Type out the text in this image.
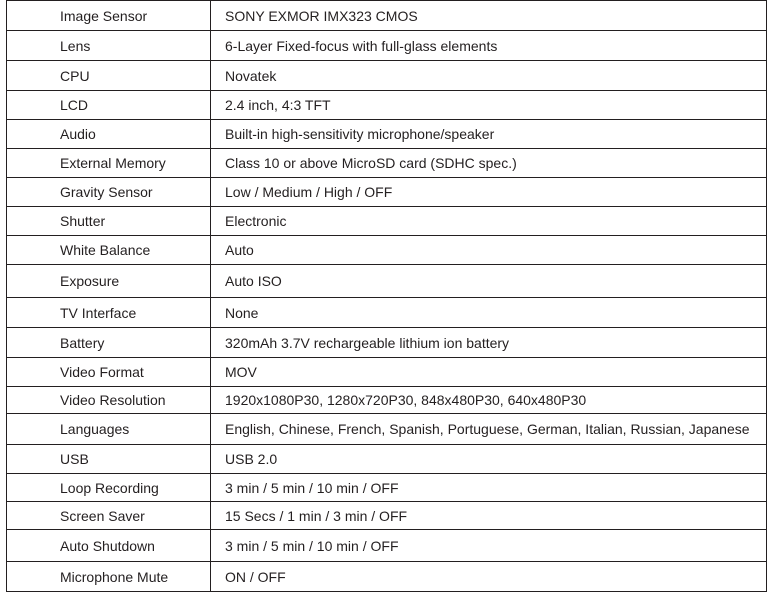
Image Sensor	SONY EXMOR IMX323 CMOS
Lens	6-Layer Fixed-focus with full-glass elements
CPU	Novatek
LCD	2.4 inch, 4:3 TFT
Audio	Built-in high-sensitivity microphone/speaker
External Memory	Class 10 or above MicroSD card (SDHC spec.)
Gravity Sensor	Low / Medium / High / OFF
Shutter	Electronic
White Balance	Auto
Exposure	Auto ISO
TV Interface	None
Battery	320mAh 3.7V rechargeable lithium ion battery
Video Format	MOV
Video Resolution	1920x1080P30, 1280x720P30, 848x480P30, 640x480P30
Languages	English, Chinese, French, Spanish, Portuguese, German, Italian, Russian, Japanese
USB	USB 2.0
Loop Recording	3 min / 5 min / 10 min / OFF
Screen Saver	15 Secs / 1 min / 3 min / OFF
Auto Shutdown	3 min / 5 min / 10 min / OFF
Microphone Mute	ON / OFF
